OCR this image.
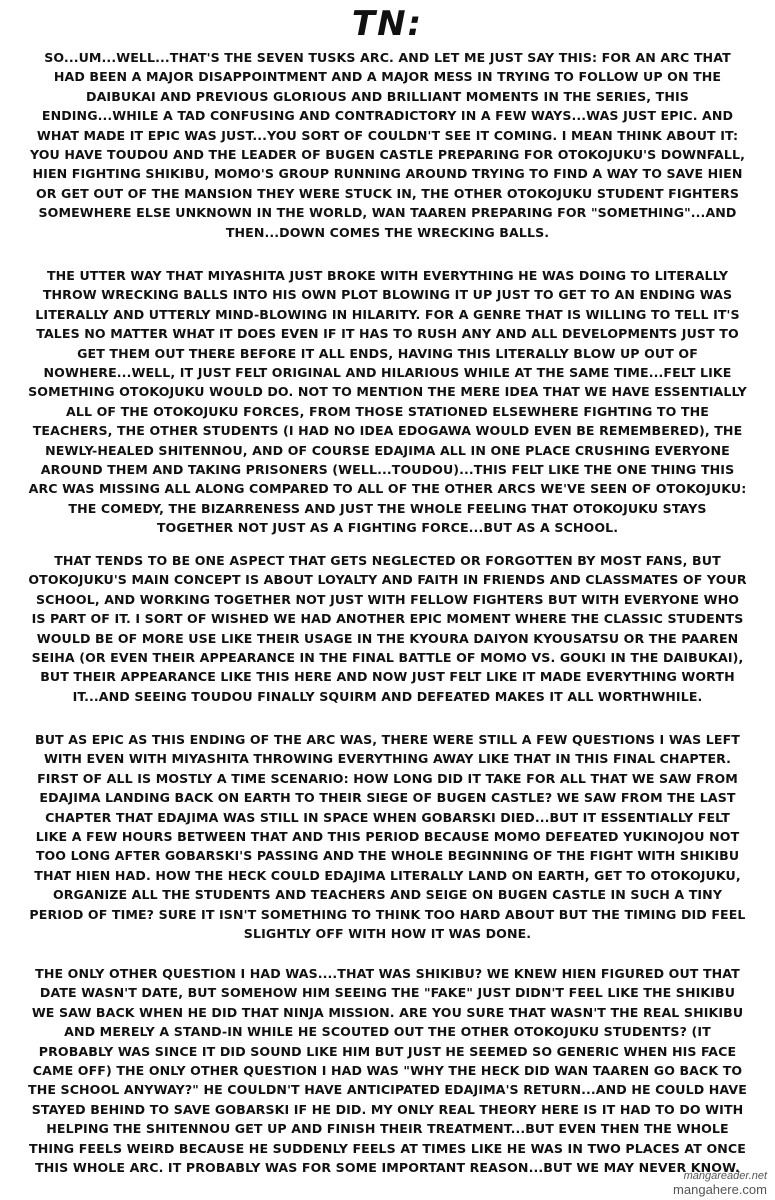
TN:
SO...UM...WELL...THAT'S THE SEVEN TUSKS ARC. AND LET ME JUST SAY THIS: FOR AN ARC THAT HAD BEEN A MAJOR DISAPPOINTMENT AND A MAJOR MESS IN TRYING TO FOLLOW UP ON THE DAIBUKAI AND PREVIOUS GLORIOUS AND BRILLIANT MOMENTS IN THE SERIES, THIS ENDING...WHILE A TAD CONFUSING AND CONTRADICTORY IN A FEW WAYS...WAS JUST EPIC. AND WHAT MADE IT EPIC WAS JUST...YOU SORT OF COULDN'T SEE IT COMING. I MEAN THINK ABOUT IT: YOU HAVE TOUDOU AND THE LEADER OF BUGEN CASTLE PREPARING FOR OTOKOJUKU'S DOWNFALL, HIEN FIGHTING SHIKIBU, MOMO'S GROUP RUNNING AROUND TRYING TO FIND A WAY TO SAVE HIEN OR GET OUT OF THE MANSION THEY WERE STUCK IN, THE OTHER OTOKOJUKU STUDENT FIGHTERS SOMEWHERE ELSE UNKNOWN IN THE WORLD, WAN TAAREN PREPARING FOR "SOMETHING"...AND THEN...DOWN COMES THE WRECKING BALLS.
THE UTTER WAY THAT MIYASHITA JUST BROKE WITH EVERYTHING HE WAS DOING TO LITERALLY THROW WRECKING BALLS INTO HIS OWN PLOT BLOWING IT UP JUST TO GET TO AN ENDING WAS LITERALLY AND UTTERLY MIND-BLOWING IN HILARITY. FOR A GENRE THAT IS WILLING TO TELL IT'S TALES NO MATTER WHAT IT DOES EVEN IF IT HAS TO RUSH ANY AND ALL DEVELOPMENTS JUST TO GET THEM OUT THERE BEFORE IT ALL ENDS, HAVING THIS LITERALLY BLOW UP OUT OF NOWHERE...WELL, IT JUST FELT ORIGINAL AND HILARIOUS WHILE AT THE SAME TIME...FELT LIKE SOMETHING OTOKOJUKU WOULD DO. NOT TO MENTION THE MERE IDEA THAT WE HAVE ESSENTIALLY ALL OF THE OTOKOJUKU FORCES, FROM THOSE STATIONED ELSEWHERE FIGHTING TO THE TEACHERS, THE OTHER STUDENTS (I HAD NO IDEA EDOGAWA WOULD EVEN BE REMEMBERED), THE NEWLY-HEALED SHITENNOU, AND OF COURSE EDAJIMA ALL IN ONE PLACE CRUSHING EVERYONE AROUND THEM AND TAKING PRISONERS (WELL...TOUDOU)...THIS FELT LIKE THE ONE THING THIS ARC WAS MISSING ALL ALONG COMPARED TO ALL OF THE OTHER ARCS WE'VE SEEN OF OTOKOJUKU: THE COMEDY, THE BIZARRENESS AND JUST THE WHOLE FEELING THAT OTOKOJUKU STAYS TOGETHER NOT JUST AS A FIGHTING FORCE...BUT AS A SCHOOL.
THAT TENDS TO BE ONE ASPECT THAT GETS NEGLECTED OR FORGOTTEN BY MOST FANS, BUT OTOKOJUKU'S MAIN CONCEPT IS ABOUT LOYALTY AND FAITH IN FRIENDS AND CLASSMATES OF YOUR SCHOOL, AND WORKING TOGETHER NOT JUST WITH FELLOW FIGHTERS BUT WITH EVERYONE WHO IS PART OF IT. I SORT OF WISHED WE HAD ANOTHER EPIC MOMENT WHERE THE CLASSIC STUDENTS WOULD BE OF MORE USE LIKE THEIR USAGE IN THE KYOURA DAIYON KYOUSATSU OR THE PAAREN SEIHA (OR EVEN THEIR APPEARANCE IN THE FINAL BATTLE OF MOMO VS. GOUKI IN THE DAIBUKAI), BUT THEIR APPEARANCE LIKE THIS HERE AND NOW JUST FELT LIKE IT MADE EVERYTHING WORTH IT...AND SEEING TOUDOU FINALLY SQUIRM AND DEFEATED MAKES IT ALL WORTHWHILE.
BUT AS EPIC AS THIS ENDING OF THE ARC WAS, THERE WERE STILL A FEW QUESTIONS I WAS LEFT WITH EVEN WITH MIYASHITA THROWING EVERYTHING AWAY LIKE THAT IN THIS FINAL CHAPTER. FIRST OF ALL IS MOSTLY A TIME SCENARIO: HOW LONG DID IT TAKE FOR ALL THAT WE SAW FROM EDAJIMA LANDING BACK ON EARTH TO THEIR SIEGE OF BUGEN CASTLE? WE SAW FROM THE LAST CHAPTER THAT EDAJIMA WAS STILL IN SPACE WHEN GOBARSKI DIED...BUT IT ESSENTIALLY FELT LIKE A FEW HOURS BETWEEN THAT AND THIS PERIOD BECAUSE MOMO DEFEATED YUKINOJOU NOT TOO LONG AFTER GOBARSKI'S PASSING AND THE WHOLE BEGINNING OF THE FIGHT WITH SHIKIBU THAT HIEN HAD. HOW THE HECK COULD EDAJIMA LITERALLY LAND ON EARTH, GET TO OTOKOJUKU, ORGANIZE ALL THE STUDENTS AND TEACHERS AND SEIGE ON BUGEN CASTLE IN SUCH A TINY PERIOD OF TIME? SURE IT ISN'T SOMETHING TO THINK TOO HARD ABOUT BUT THE TIMING DID FEEL SLIGHTLY OFF WITH HOW IT WAS DONE.
THE ONLY OTHER QUESTION I HAD WAS....THAT WAS SHIKIBU? WE KNEW HIEN FIGURED OUT THAT DATE WASN'T DATE, BUT SOMEHOW HIM SEEING THE "FAKE" JUST DIDN'T FEEL LIKE THE SHIKIBU WE SAW BACK WHEN HE DID THAT NINJA MISSION. ARE YOU SURE THAT WASN'T THE REAL SHIKIBU AND MERELY A STAND-IN WHILE HE SCOUTED OUT THE OTHER OTOKOJUKU STUDENTS? (IT PROBABLY WAS SINCE IT DID SOUND LIKE HIM BUT JUST HE SEEMED SO GENERIC WHEN HIS FACE CAME OFF) THE ONLY OTHER QUESTION I HAD WAS "WHY THE HECK DID WAN TAAREN GO BACK TO THE SCHOOL ANYWAY?" HE COULDN'T HAVE ANTICIPATED EDAJIMA'S RETURN...AND HE COULD HAVE STAYED BEHIND TO SAVE GOBARSKI IF HE DID. MY ONLY REAL THEORY HERE IS IT HAD TO DO WITH HELPING THE SHITENNOU GET UP AND FINISH THEIR TREATMENT...BUT EVEN THEN THE WHOLE THING FEELS WEIRD BECAUSE HE SUDDENLY FEELS AT TIMES LIKE HE WAS IN TWO PLACES AT ONCE THIS WHOLE ARC. IT PROBABLY WAS FOR SOME IMPORTANT REASON...BUT WE MAY NEVER KNOW.
mangareader.net
mangahere.com
